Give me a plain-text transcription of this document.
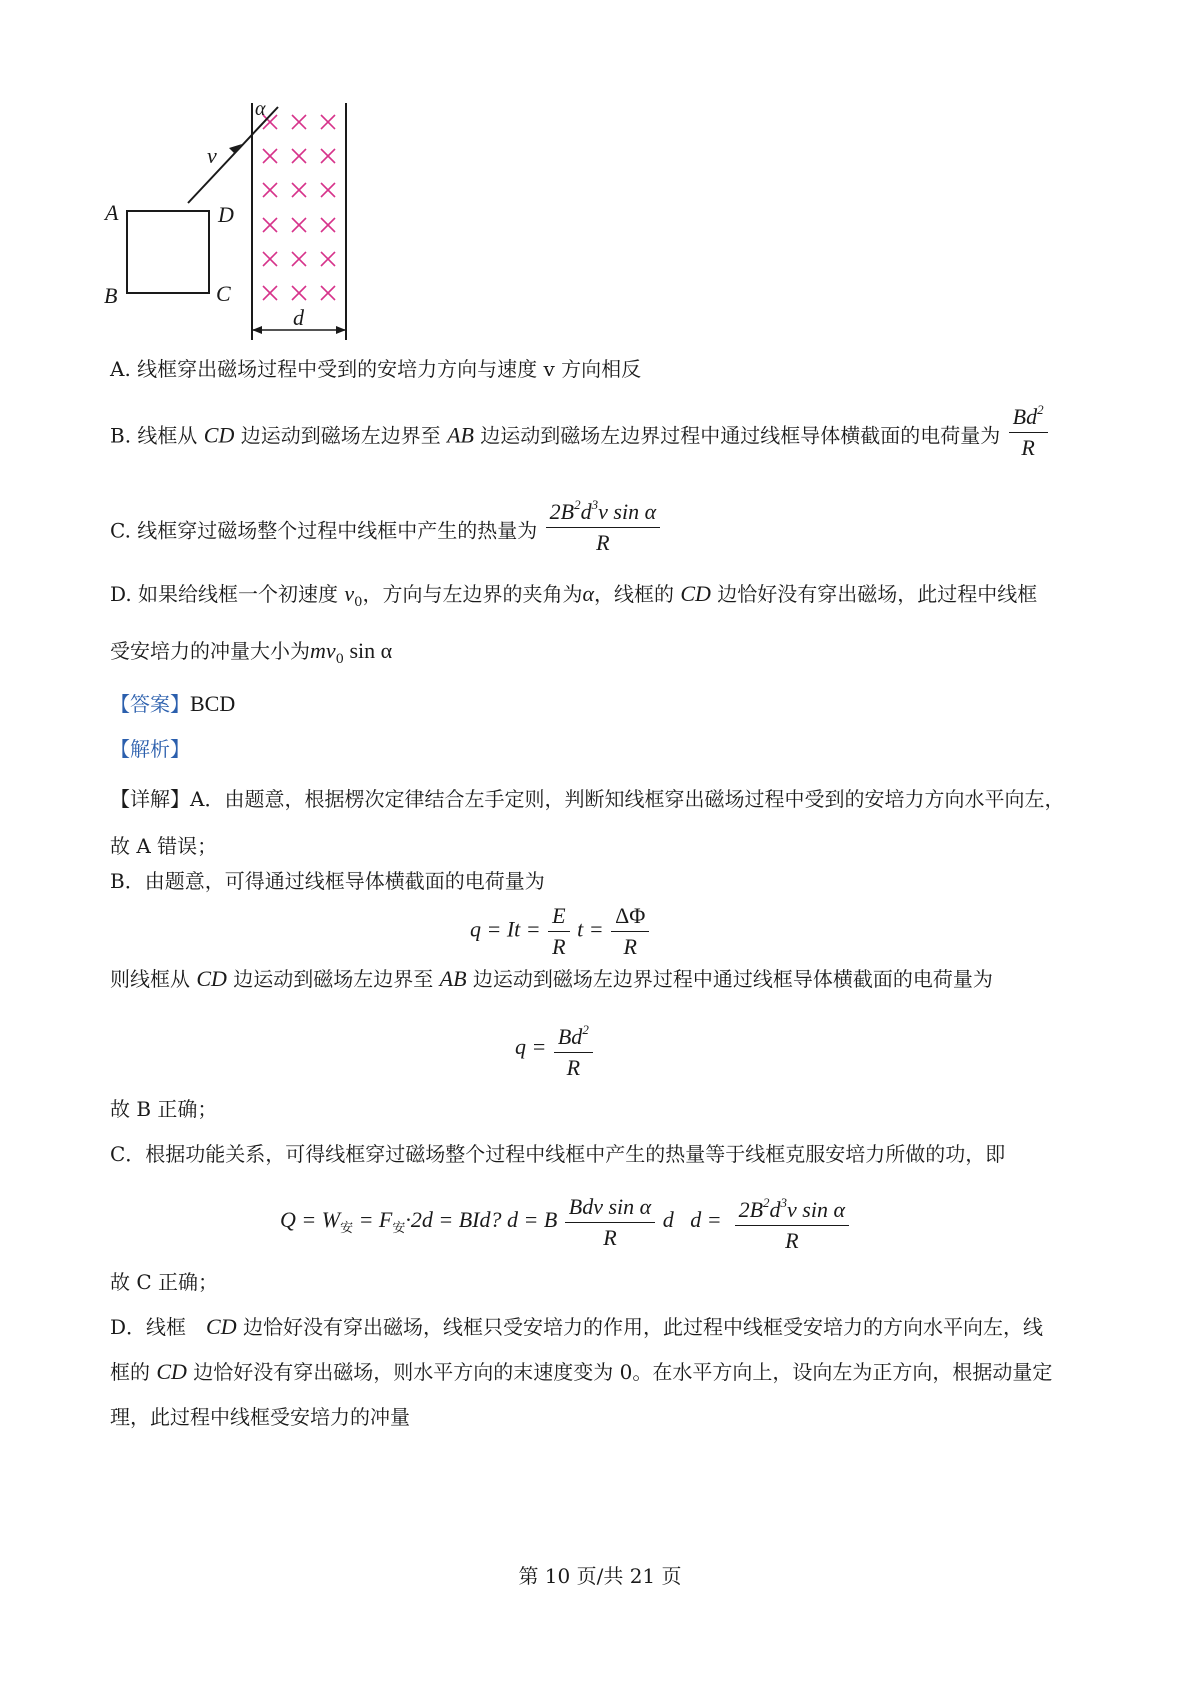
α
v
A	D
B	C
d
A. 线框穿出磁场过程中受到的安培力方向与速度 v 方向相反
B. 线框从 CD 边运动到磁场左边界至 AB 边运动到磁场左边界过程中通过线框导体横截面的电荷量为 $\frac{Bd^2}{R}$
C. 线框穿过磁场整个过程中线框中产生的热量为 $\frac{2B^2d^3v \sin \alpha}{R}$
D. 如果给线框一个初速度 $v_0$，方向与左边界的夹角为α，线框的 CD 边恰好没有穿出磁场，此过程中线框
受安培力的冲量大小为$mv_0$ sin α
【答案】BCD
【解析】
【详解】A．由题意，根据楞次定律结合左手定则，判断知线框穿出磁场过程中受到的安培力方向水平向左，
故 A 错误；
B．由题意，可得通过线框导体横截面的电荷量为
$q = It = \frac{E}{R}$ $t = \frac{\Delta\Phi}{R}$
则线框从 CD 边运动到磁场左边界至 AB 边运动到磁场左边界过程中通过线框导体横截面的电荷量为
$q = \frac{Bd^2}{R}$
故 B 正确；
C．根据功能关系，可得线框穿过磁场整个过程中线框中产生的热量等于线框克服安培力所做的功，即
$Q = W_安 = F_安\cdot 2d$ = BId? d = B $\frac{\text{Bdv sin α}}{R}$ d   $d = \frac{2B^2d^3v \sin \alpha}{R}$
故 C 正确；
D．线框　CD 边恰好没有穿出磁场，线框只受安培力的作用，此过程中线框受安培力的方向水平向左，线
框的 CD 边恰好没有穿出磁场，则水平方向的末速度变为 0。在水平方向上，设向左为正方向，根据动量定
理，此过程中线框受安培力的冲量
第 10 页/共 21 页
